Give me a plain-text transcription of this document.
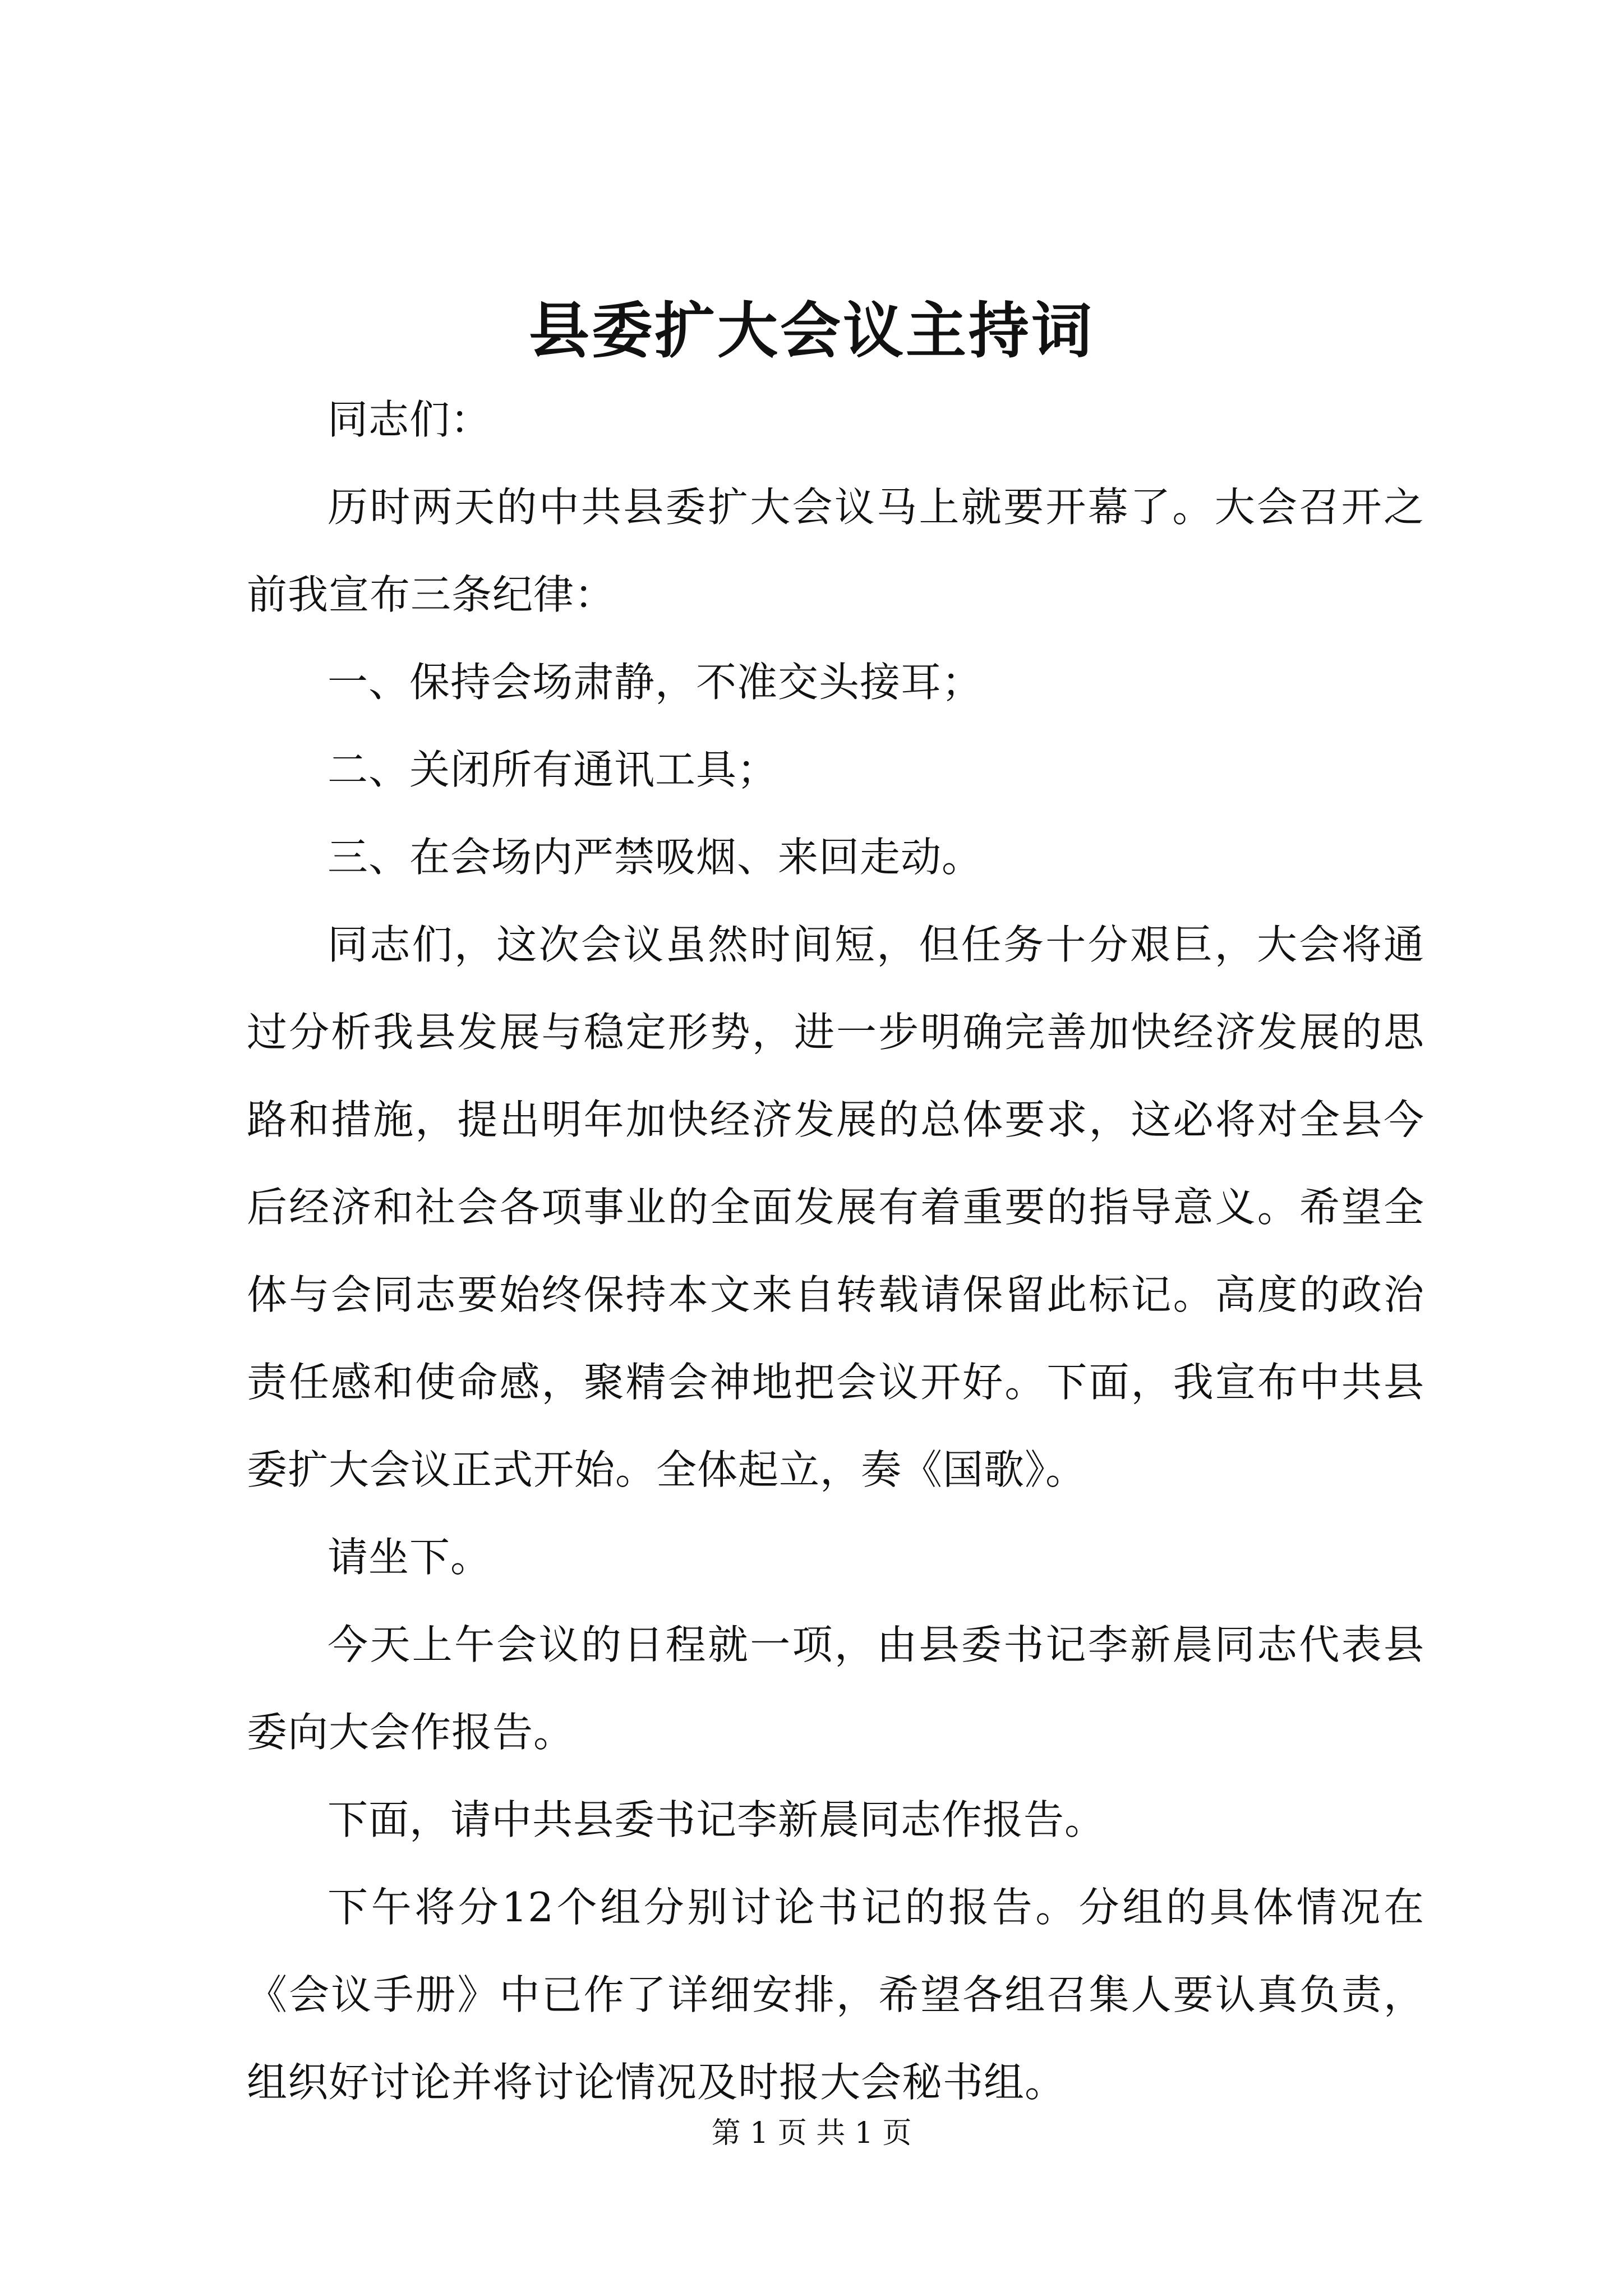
县委扩大会议主持词

同志们：

历时两天的中共县委扩大会议马上就要开幕了。大会召开之前我宣布三条纪律：

一、保持会场肃静，不准交头接耳；

二、关闭所有通讯工具；

三、在会场内严禁吸烟、来回走动。

同志们，这次会议虽然时间短，但任务十分艰巨，大会将通过分析我县发展与稳定形势，进一步明确完善加快经济发展的思路和措施，提出明年加快经济发展的总体要求，这必将对全县今后经济和社会各项事业的全面发展有着重要的指导意义。希望全体与会同志要始终保持本文来自转载请保留此标记。高度的政治责任感和使命感，聚精会神地把会议开好。下面，我宣布中共县委扩大会议正式开始。全体起立，奏《国歌》。

请坐下。

今天上午会议的日程就一项，由县委书记李新晨同志代表县委向大会作报告。

下面，请中共县委书记李新晨同志作报告。

下午将分12个组分别讨论书记的报告。分组的具体情况在《会议手册》中已作了详细安排，希望各组召集人要认真负责，组织好讨论并将讨论情况及时报大会秘书组。

第 1 页 共 1 页
